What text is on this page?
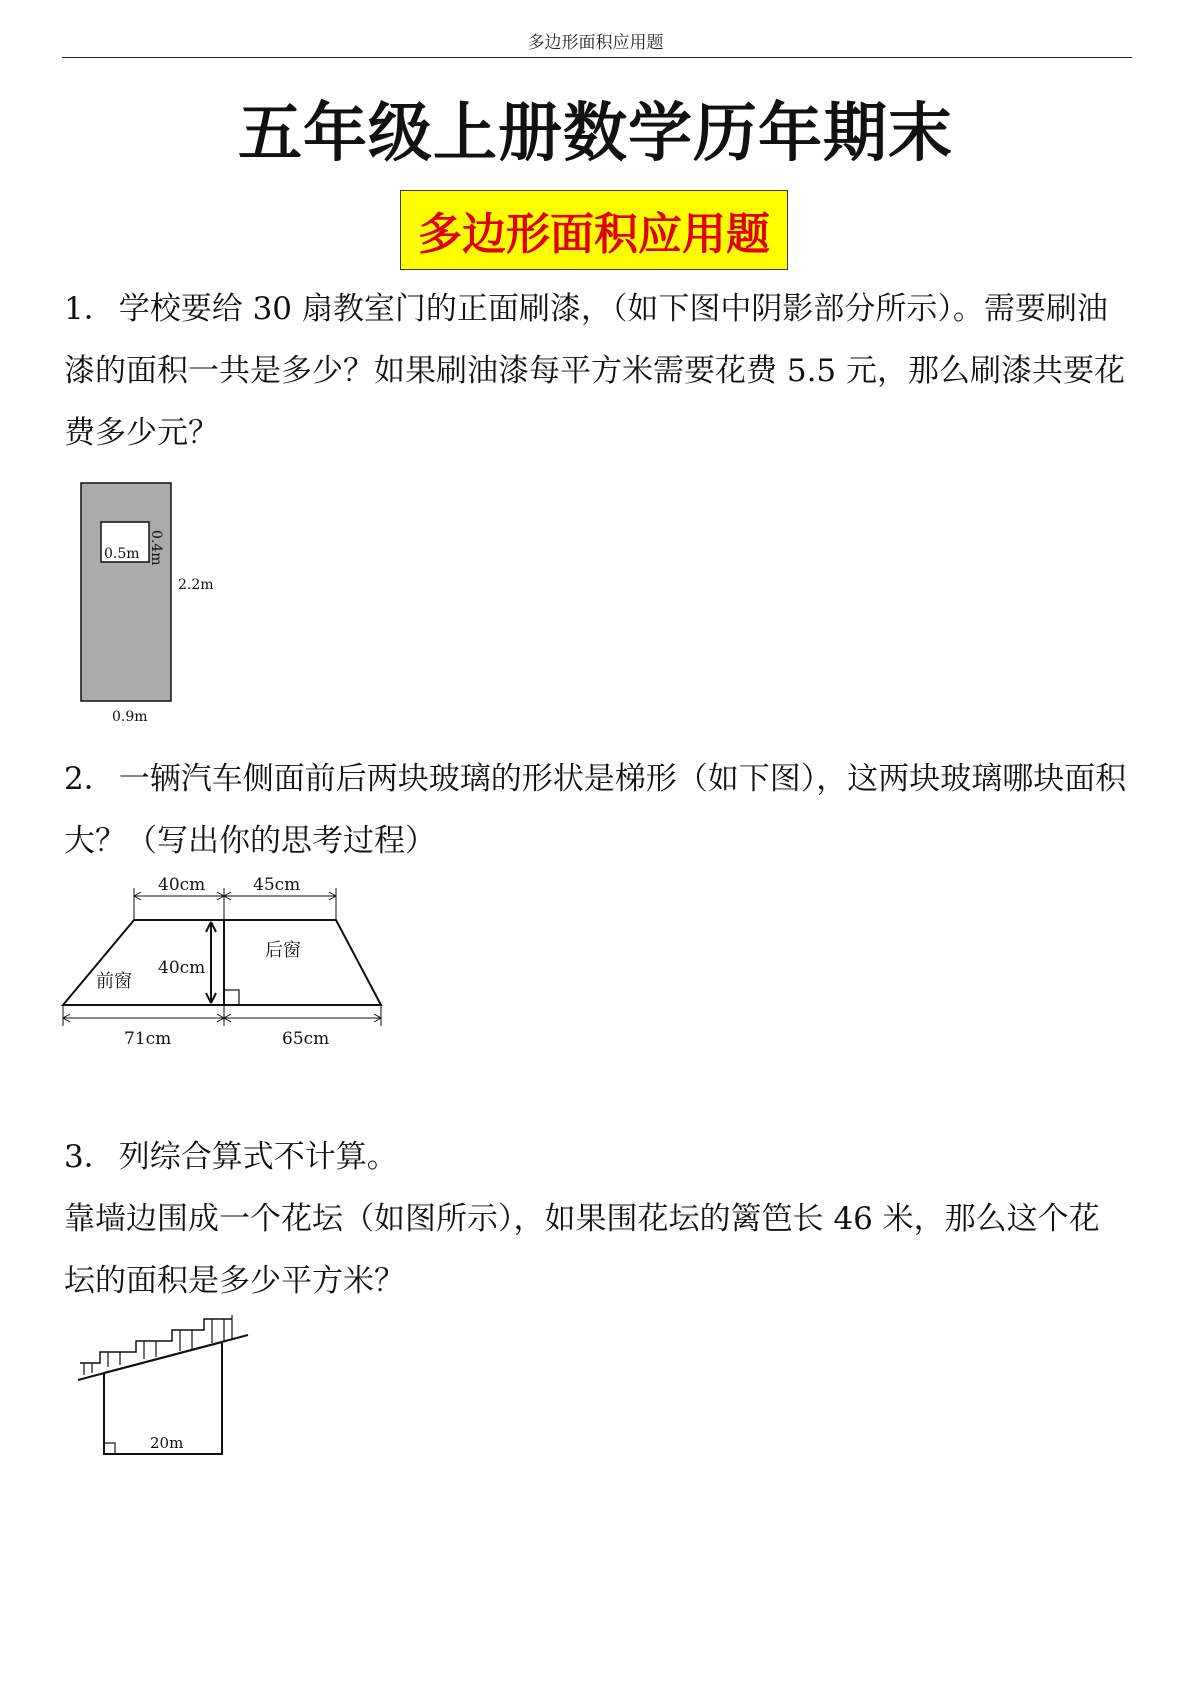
多边形面积应用题
五年级上册数学历年期末
多边形面积应用题
1． 学校要给 30 扇教室门的正面刷漆，（如下图中阴影部分所示）。需要刷油漆的面积一共是多少？如果刷油漆每平方米需要花费 5.5 元，那么刷漆共要花费多少元？
0.5m 0.4m
2.2m
0.9m
2． 一辆汽车侧面前后两块玻璃的形状是梯形（如下图），这两块玻璃哪块面积大？（写出你的思考过程）
40cm	45cm
40cm
前窗
后窗
71cm	65cm
3． 列综合算式不计算。
靠墙边围成一个花坛（如图所示），如果围花坛的篱笆长 46 米，那么这个花坛的面积是多少平方米？
20m
